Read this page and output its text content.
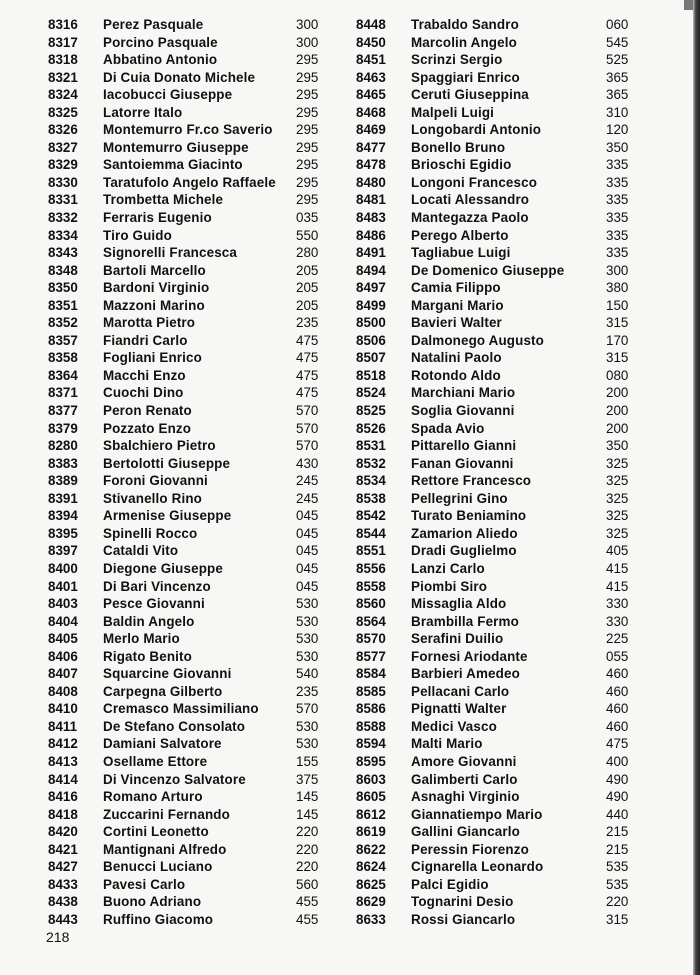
8316 Perez Pasquale	300
8317 Porcino Pasquale	300
8318 Abbatino Antonio	295
8321 Di Cuia Donato Michele	295
8324 Iacobucci Giuseppe	295
8325 Latorre Italo	295
8326 Montemurro Fr.co Saverio 295
8327 Montemurro Giuseppe	295
8329 Santoiemma Giacinto	295
8330 Taratufolo Angelo Raffaele 295
8331 Trombetta Michele	295
8332 Ferraris Eugenio	035
8334 Tiro Guido	550
8343 Signorelli Francesca	280
8348 Bartoli Marcello	205
8350 Bardoni Virginio	205
8351 Mazzoni Marino	205
8352 Marotta Pietro	235
8357 Fiandri Carlo	475
8358 Fogliani Enrico	475
8364 Macchi Enzo	475
8371 Cuochi Dino	475
8377 Peron Renato	570
8379 Pozzato Enzo	570
8280 Sbalchiero Pietro	570
8383 Bertolotti Giuseppe	430
8389 Foroni Giovanni	245
8391 Stivanello Rino	245
8394 Armenise Giuseppe	045
8395 Spinelli Rocco	045
8397 Cataldi Vito	045
8400 Diegone Giuseppe	045
8401 Di Bari Vincenzo	045
8403 Pesce Giovanni	530
8404 Baldin Angelo	530
8405 Merlo Mario	530
8406 Rigato Benito	530
8407 Squarcine Giovanni	540
8408 Carpegna Gilberto	235
8410 Cremasco Massimiliano	570
8411 De Stefano Consolato	530
8412 Damiani Salvatore	530
8413 Osellame Ettore	155
8414 Di Vincenzo Salvatore	375
8416 Romano Arturo	145
8418 Zuccarini Fernando	145
8420 Cortini Leonetto	220
8421 Mantignani Alfredo	220
8427 Benucci Luciano	220
8433 Pavesi Carlo	560
8438 Buono Adriano	455
8443 Ruffino Giacomo	455
8448 Trabaldo Sandro	060
8450 Marcolin Angelo	545
8451 Scrinzi Sergio	525
8463 Spaggiari Enrico	365
8465 Ceruti Giuseppina	365
8468 Malpeli Luigi	310
8469 Longobardi Antonio	120
8477 Bonello Bruno	350
8478 Brioschi Egidio	335
8480 Longoni Francesco	335
8481 Locati Alessandro	335
8483 Mantegazza Paolo	335
8486 Perego Alberto	335
8491 Tagliabue Luigi	335
8494 De Domenico Giuseppe	300
8497 Camia Filippo	380
8499 Margani Mario	150
8500 Bavieri Walter	315
8506 Dalmonego Augusto	170
8507 Natalini Paolo	315
8518 Rotondo Aldo	080
8524 Marchiani Mario	200
8525 Soglia Giovanni	200
8526 Spada Avio	200
8531 Pittarello Gianni	350
8532 Fanan Giovanni	325
8534 Rettore Francesco	325
8538 Pellegrini Gino	325
8542 Turato Beniamino	325
8544 Zamarion Aliedo	325
8551 Dradi Guglielmo	405
8556 Lanzi Carlo	415
8558 Piombi Siro	415
8560 Missaglia Aldo	330
8564 Brambilla Fermo	330
8570 Serafini Duilio	225
8577 Fornesi Ariodante	055
8584 Barbieri Amedeo	460
8585 Pellacani Carlo	460
8586 Pignatti Walter	460
8588 Medici Vasco	460
8594 Malti Mario	475
8595 Amore Giovanni	400
8603 Galimberti Carlo	490
8605 Asnaghi Virginio	490
8612 Giannatiempo Mario	440
8619 Gallini Giancarlo	215
8622 Peressin Fiorenzo	215
8624 Cignarella Leonardo	535
8625 Palci Egidio	535
8629 Tognarini Desio	220
8633 Rossi Giancarlo	315
218
